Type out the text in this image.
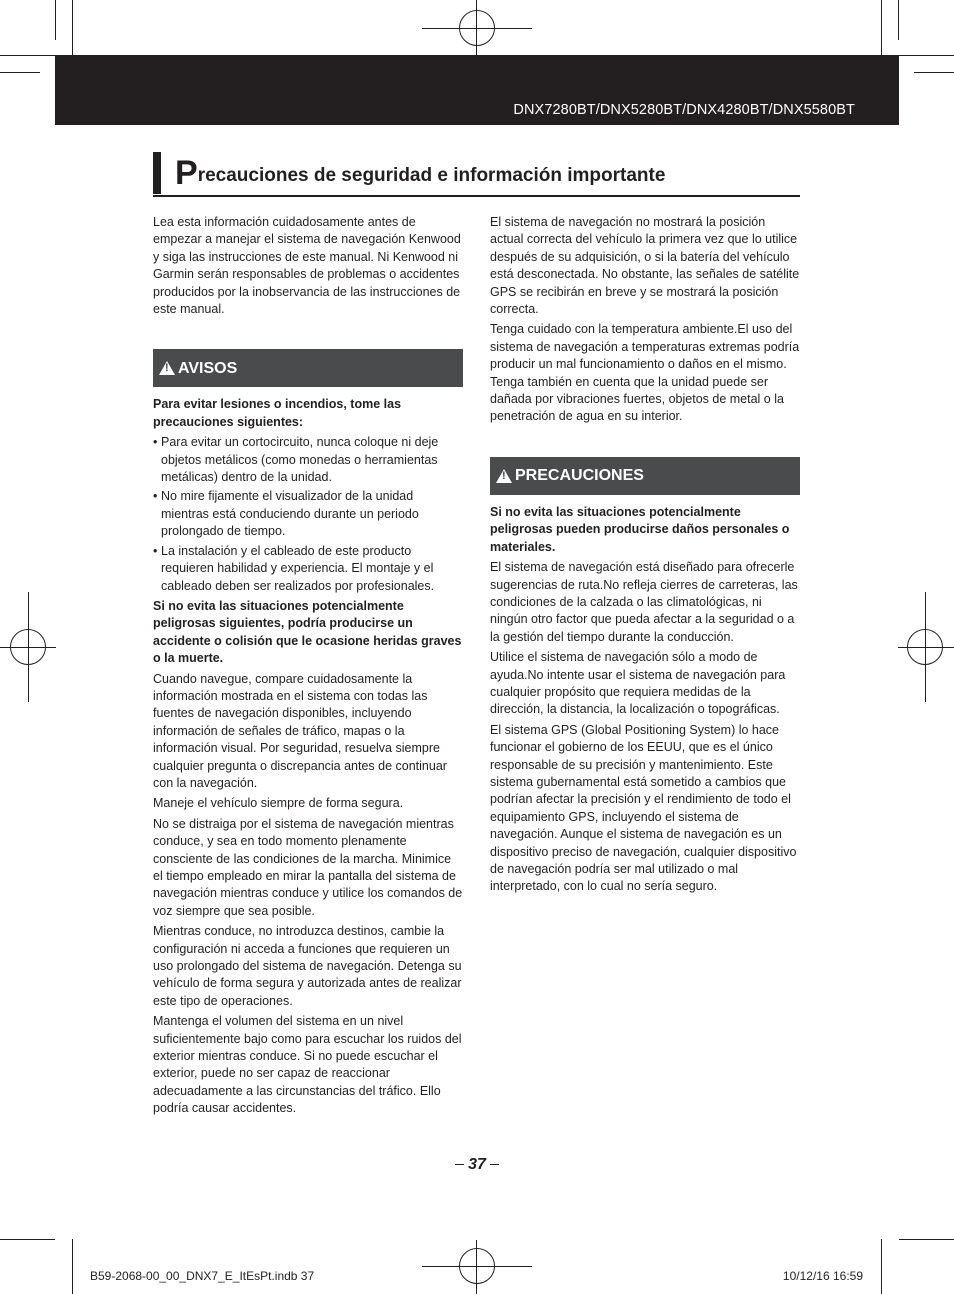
DNX7280BT/DNX5280BT/DNX4280BT/DNX5580BT

Precauciones de seguridad e información importante

Lea esta información cuidadosamente antes de empezar a manejar el sistema de navegación Kenwood y siga las instrucciones de este manual. Ni Kenwood ni Garmin serán responsables de problemas o accidentes producidos por la inobservancia de las instrucciones de este manual.

!
AVISOS

Para evitar lesiones o incendios, tome las precauciones siguientes:

• Para evitar un cortocircuito, nunca coloque ni deje objetos metálicos (como monedas o herramientas metálicas) dentro de la unidad.
• No mire fijamente el visualizador de la unidad mientras está conduciendo durante un periodo prolongado de tiempo.
• La instalación y el cableado de este producto requieren habilidad y experiencia. El montaje y el cableado deben ser realizados por profesionales.

Si no evita las situaciones potencialmente peligrosas siguientes, podría producirse un accidente o colisión que le ocasione heridas graves o la muerte.

Cuando navegue, compare cuidadosamente la información mostrada en el sistema con todas las fuentes de navegación disponibles, incluyendo información de señales de tráfico, mapas o la información visual. Por seguridad, resuelva siempre cualquier pregunta o discrepancia antes de continuar con la navegación.

Maneje el vehículo siempre de forma segura.

No se distraiga por el sistema de navegación mientras conduce, y sea en todo momento plenamente consciente de las condiciones de la marcha. Minimice el tiempo empleado en mirar la pantalla del sistema de navegación mientras conduce y utilice los comandos de voz siempre que sea posible.

Mientras conduce, no introduzca destinos, cambie la configuración ni acceda a funciones que requieren un uso prolongado del sistema de navegación. Detenga su vehículo de forma segura y autorizada antes de realizar este tipo de operaciones.

Mantenga el volumen del sistema en un nivel suficientemente bajo como para escuchar los ruidos del exterior mientras conduce. Si no puede escuchar el exterior, puede no ser capaz de reaccionar adecuadamente a las circunstancias del tráfico. Ello podría causar accidentes.

El sistema de navegación no mostrará la posición actual correcta del vehículo la primera vez que lo utilice después de su adquisición, o si la batería del vehículo está desconectada. No obstante, las señales de satélite GPS se recibirán en breve y se mostrará la posición correcta.

Tenga cuidado con la temperatura ambiente.El uso del sistema de navegación a temperaturas extremas podría producir un mal funcionamiento o daños en el mismo. Tenga también en cuenta que la unidad puede ser dañada por vibraciones fuertes, objetos de metal o la penetración de agua en su interior.

!
PRECAUCIONES

Si no evita las situaciones potencialmente peligrosas pueden producirse daños personales o materiales.

El sistema de navegación está diseñado para ofrecerle sugerencias de ruta.No refleja cierres de carreteras, las condiciones de la calzada o las climatológicas, ni ningún otro factor que pueda afectar a la seguridad o a la gestión del tiempo durante la conducción.

Utilice el sistema de navegación sólo a modo de ayuda.No intente usar el sistema de navegación para cualquier propósito que requiera medidas de la dirección, la distancia, la localización o topográficas.

El sistema GPS (Global Positioning System) lo hace funcionar el gobierno de los EEUU, que es el único responsable de su precisión y mantenimiento. Este sistema gubernamental está sometido a cambios que podrían afectar la precisión y el rendimiento de todo el equipamiento GPS, incluyendo el sistema de navegación. Aunque el sistema de navegación es un dispositivo preciso de navegación, cualquier dispositivo de navegación podría ser mal utilizado o mal interpretado, con lo cual no sería seguro.

37

B59-2068-00_00_DNX7_E_ItEsPt.indb 37	10/12/16 16:59
